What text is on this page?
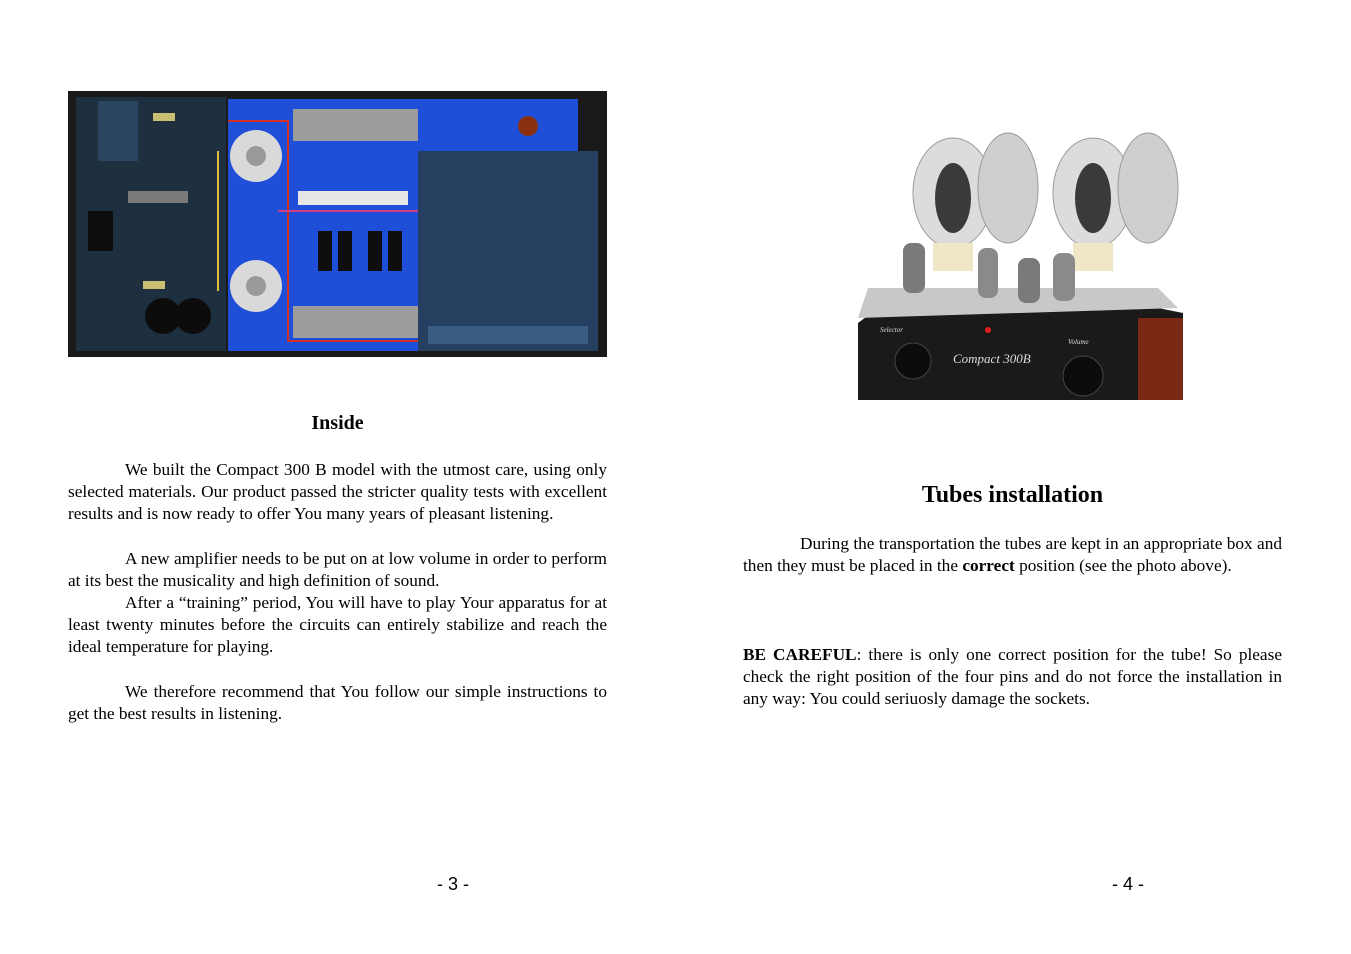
Inside

We built the Compact 300 B model with the utmost care, using only selected materials. Our product passed the stricter quality tests with excellent results and is now ready to offer You many years of pleasant listening.

A new amplifier needs to be put on at low volume in order to perform at its best the musicality and high definition of sound.

After a “training” period, You will have to play Your apparatus for at least twenty minutes before the circuits can entirely stabilize and reach the ideal temperature for playing.

We therefore recommend that You follow our simple instructions to get the best results in listening.

- 3 -
Selector
Volume
Compact 300B
Tubes installation

During the transportation the tubes are kept in an appropriate box and then they must be placed in the correct position (see the photo above).

BE CAREFUL: there is only one correct position for the tube! So please check the right position of the four pins and do not force the installation in any way: You could seriuosly damage the sockets.

- 4 -
